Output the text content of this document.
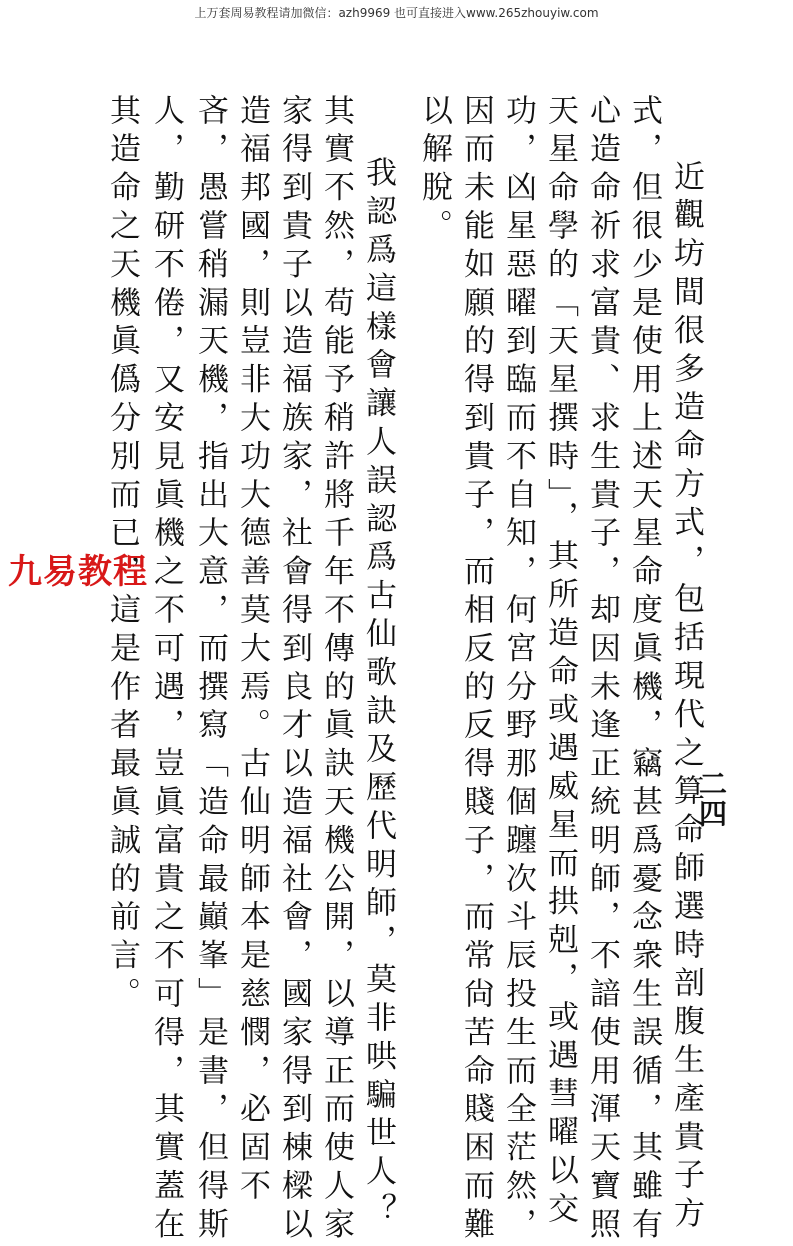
上万套周易教程请加微信：azh9969 也可直接进入www.265zhouyiw.com
近觀坊間很多造命方式，包括現代之算命師選時剖腹生產貴子方
式，但很少是使用上述天星命度眞機，竊甚爲憂念衆生誤循，其雖有
心造命祈求富貴、求生貴子，却因未逢正統明師，不諳使用渾天寶照
天星命學的「天星撰時」，其所造命或遇威星而拱剋，或遇彗曜以交
功，凶星惡曜到臨而不自知，何宮分野那個躔次斗辰投生而全茫然，
因而未能如願的得到貴子，而相反的反得賤子，而常尙苦命賤困而難
以解脫。
　我認爲這樣會讓人誤認爲古仙歌訣及歷代明師，莫非哄騙世人？
其實不然，苟能予稍許將千年不傳的眞訣天機公開，以導正而使人家
家得到貴子以造福族家，社會得到良才以造福社會，國家得到棟樑以
造福邦國，則豈非大功大德善莫大焉。古仙明師本是慈憫，必固不
吝，愚嘗稍漏天機，指出大意，而撰寫「造命最巓峯」是書，但得斯
人，勤研不倦，又安見眞機之不可遇，豈眞富貴之不可得，其實蓋在
其造命之天機眞僞分別而已，這是作者最眞誠的前言。	二四
九易教程
